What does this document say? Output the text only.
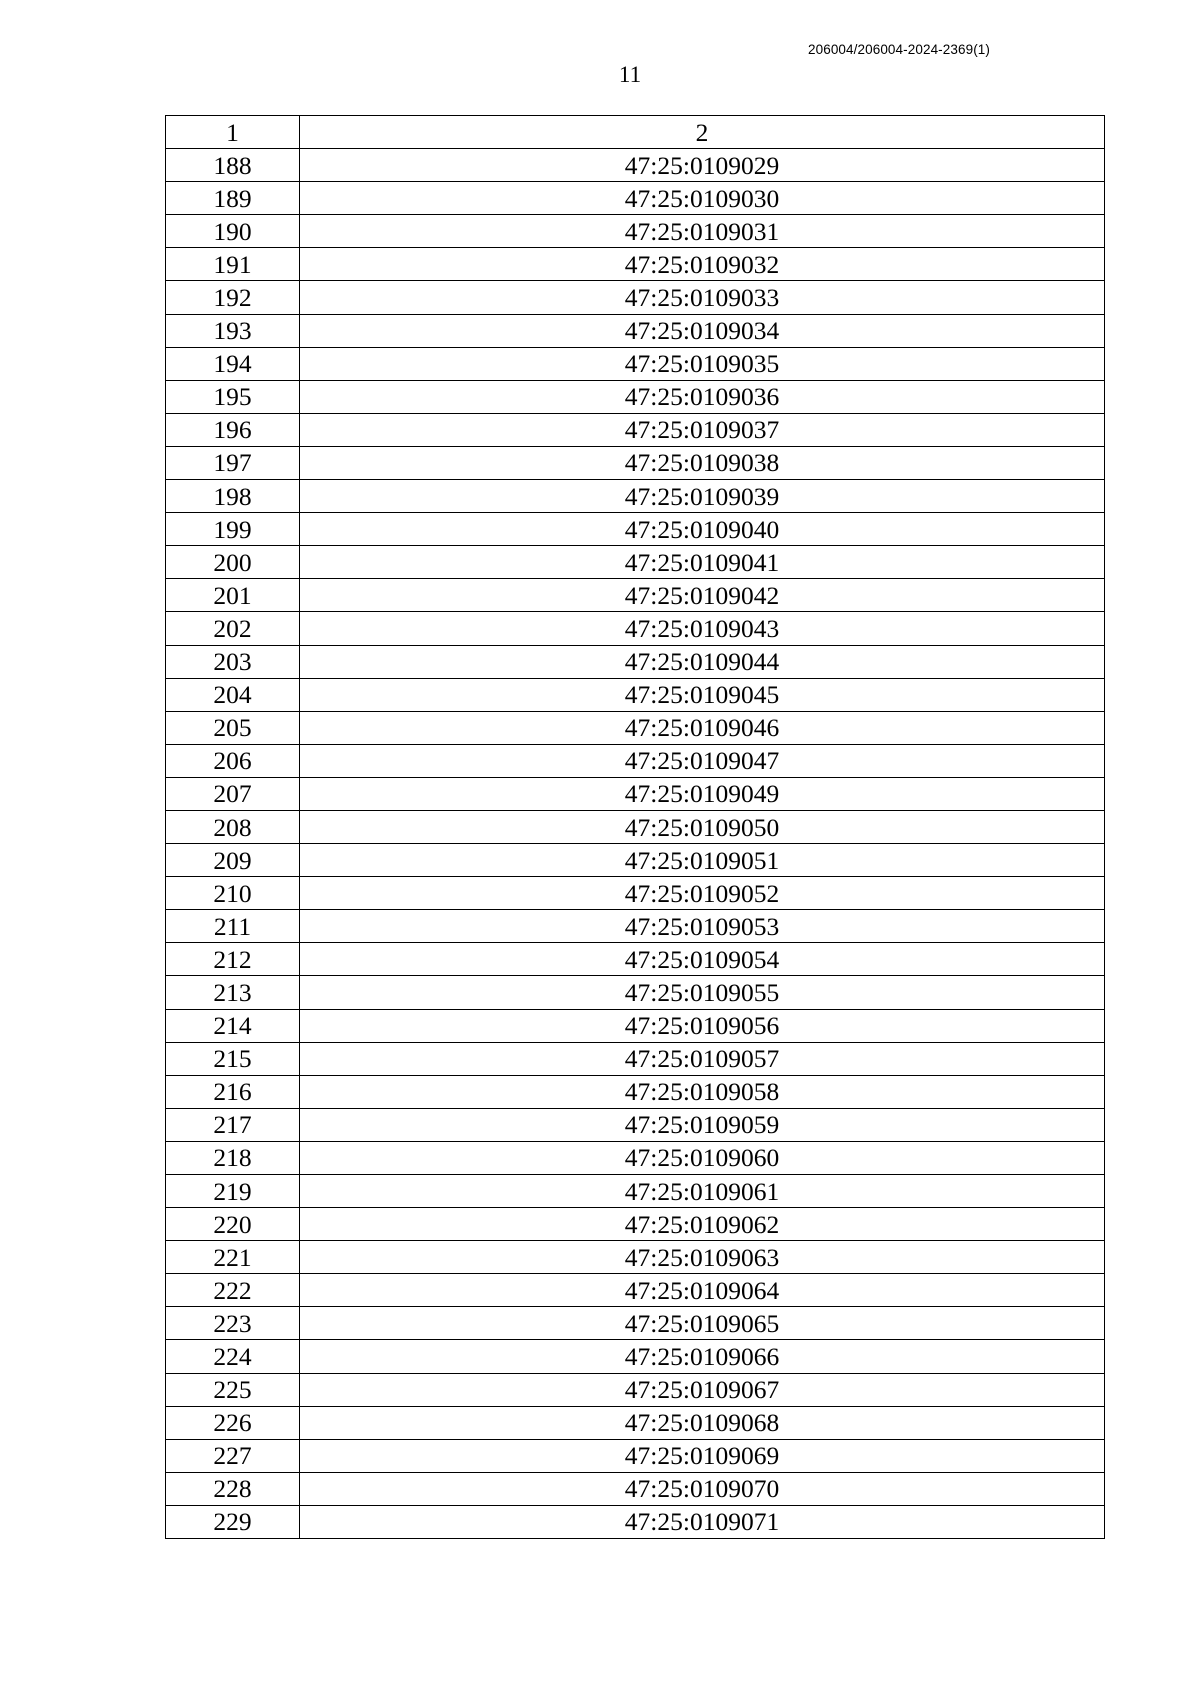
206004/206004-2024-2369(1)
11
1	2
188	47:25:0109029
189	47:25:0109030
190	47:25:0109031
191	47:25:0109032
192	47:25:0109033
193	47:25:0109034
194	47:25:0109035
195	47:25:0109036
196	47:25:0109037
197	47:25:0109038
198	47:25:0109039
199	47:25:0109040
200	47:25:0109041
201	47:25:0109042
202	47:25:0109043
203	47:25:0109044
204	47:25:0109045
205	47:25:0109046
206	47:25:0109047
207	47:25:0109049
208	47:25:0109050
209	47:25:0109051
210	47:25:0109052
211	47:25:0109053
212	47:25:0109054
213	47:25:0109055
214	47:25:0109056
215	47:25:0109057
216	47:25:0109058
217	47:25:0109059
218	47:25:0109060
219	47:25:0109061
220	47:25:0109062
221	47:25:0109063
222	47:25:0109064
223	47:25:0109065
224	47:25:0109066
225	47:25:0109067
226	47:25:0109068
227	47:25:0109069
228	47:25:0109070
229	47:25:0109071
